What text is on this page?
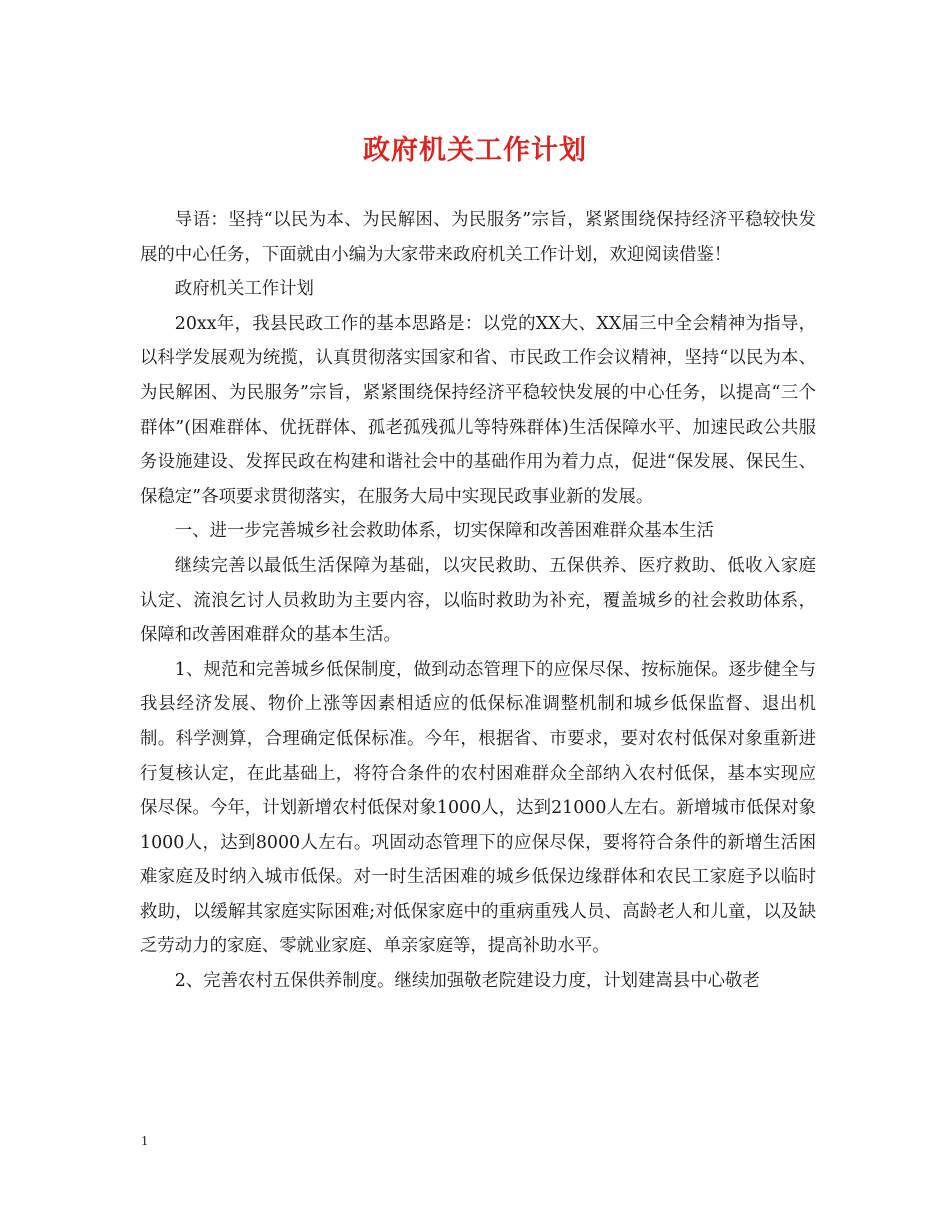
政府机关工作计划

导语：坚持“以民为本、为民解困、为民服务”宗旨，紧紧围绕保持经济平稳较快发展的中心任务，下面就由小编为大家带来政府机关工作计划，欢迎阅读借鉴！

政府机关工作计划

20xx年，我县民政工作的基本思路是：以党的XX大、XX届三中全会精神为指导，以科学发展观为统揽，认真贯彻落实国家和省、市民政工作会议精神，坚持“以民为本、为民解困、为民服务”宗旨，紧紧围绕保持经济平稳较快发展的中心任务，以提高“三个群体”(困难群体、优抚群体、孤老孤残孤儿等特殊群体)生活保障水平、加速民政公共服务设施建设、发挥民政在构建和谐社会中的基础作用为着力点，促进“保发展、保民生、保稳定”各项要求贯彻落实，在服务大局中实现民政事业新的发展。

一、进一步完善城乡社会救助体系，切实保障和改善困难群众基本生活

继续完善以最低生活保障为基础，以灾民救助、五保供养、医疗救助、低收入家庭认定、流浪乞讨人员救助为主要内容，以临时救助为补充，覆盖城乡的社会救助体系，保障和改善困难群众的基本生活。

1、规范和完善城乡低保制度，做到动态管理下的应保尽保、按标施保。逐步健全与我县经济发展、物价上涨等因素相适应的低保标准调整机制和城乡低保监督、退出机制。科学测算，合理确定低保标准。今年，根据省、市要求，要对农村低保对象重新进行复核认定，在此基础上，将符合条件的农村困难群众全部纳入农村低保，基本实现应保尽保。今年，计划新增农村低保对象1000人，达到21000人左右。新增城市低保对象1000人，达到8000人左右。巩固动态管理下的应保尽保，要将符合条件的新增生活困难家庭及时纳入城市低保。对一时生活困难的城乡低保边缘群体和农民工家庭予以临时救助，以缓解其家庭实际困难;对低保家庭中的重病重残人员、高龄老人和儿童，以及缺乏劳动力的家庭、零就业家庭、单亲家庭等，提高补助水平。

2、完善农村五保供养制度。继续加强敬老院建设力度，计划建嵩县中心敬老

1
